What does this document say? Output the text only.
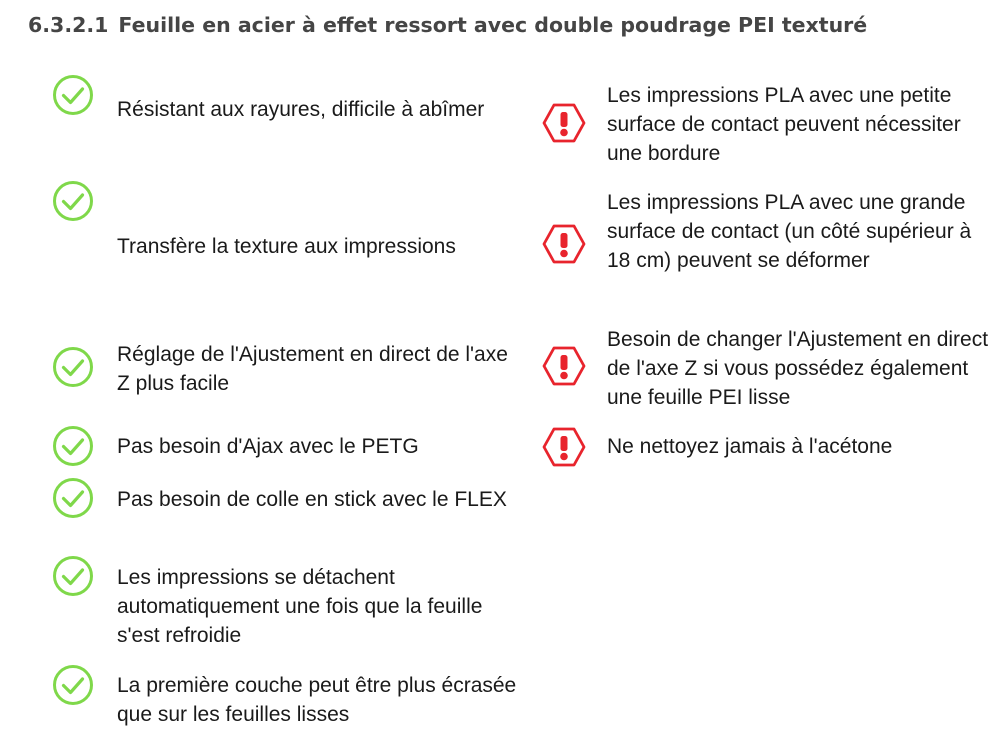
6.3.2.1 Feuille en acier à effet ressort avec double poudrage PEI texturé
Résistant aux rayures, difficile à abîmer
Transfère la texture aux impressions
Réglage de l'Ajustement en direct de l'axe Z plus facile
Pas besoin d'Ajax avec le PETG
Pas besoin de colle en stick avec le FLEX
Les impressions se détachent automatiquement une fois que la feuille s'est refroidie
La première couche peut être plus écrasée que sur les feuilles lisses
Les impressions PLA avec une petite surface de contact peuvent nécessiter une bordure
Les impressions PLA avec une grande surface de contact (un côté supérieur à 18 cm) peuvent se déformer
Besoin de changer l'Ajustement en direct de l'axe Z si vous possédez également une feuille PEI lisse
Ne nettoyez jamais à l'acétone
